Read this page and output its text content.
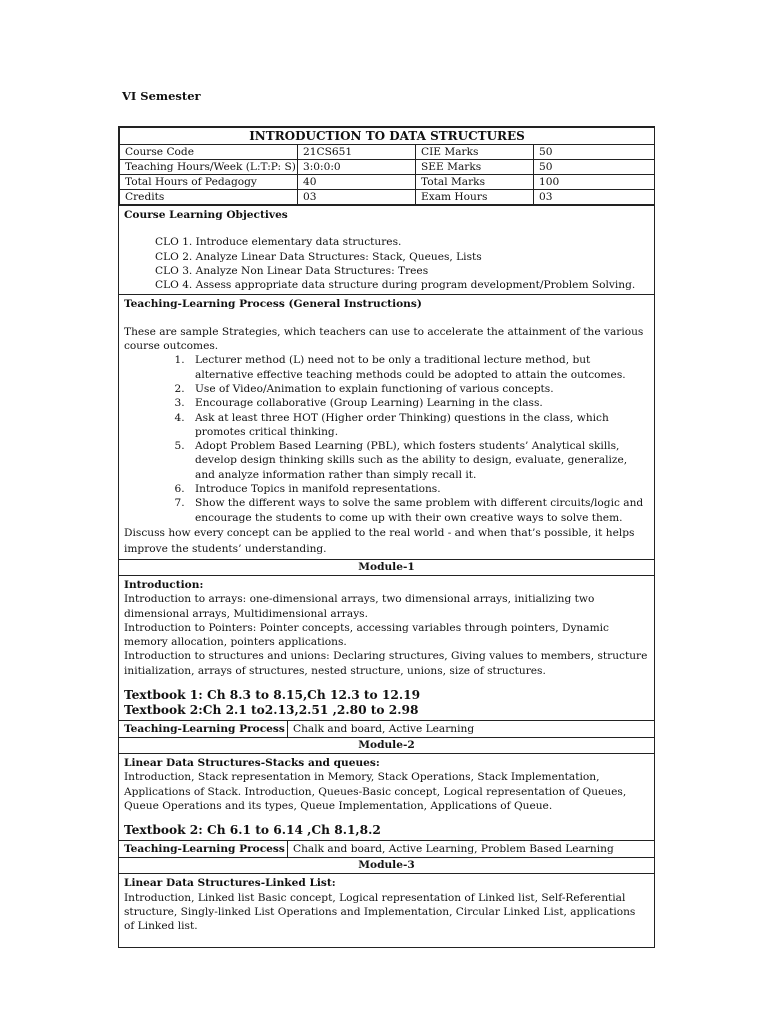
VI Semester
INTRODUCTION TO DATA STRUCTURES			
Course Code	21CS651	CIE Marks	50
Teaching Hours/Week (L:T:P: S)	3:0:0:0	SEE Marks	50
Total Hours of Pedagogy	40	Total Marks	100
Credits	03	Exam Hours	03
Course Learning Objectives
CLO 1. Introduce elementary data structures.
CLO 2. Analyze Linear Data Structures: Stack, Queues, Lists
CLO 3. Analyze Non Linear Data Structures: Trees
CLO 4. Assess appropriate data structure during program development/Problem Solving.
Teaching-Learning Process (General Instructions)
These are sample Strategies, which teachers can use to accelerate the attainment of the various course outcomes.
1. Lecturer method (L) need not to be only a traditional lecture method, but alternative effective teaching methods could be adopted to attain the outcomes.
2. Use of Video/Animation to explain functioning of various concepts.
3. Encourage collaborative (Group Learning) Learning in the class.
4. Ask at least three HOT (Higher order Thinking) questions in the class, which promotes critical thinking.
5. Adopt Problem Based Learning (PBL), which fosters students’ Analytical skills, develop design thinking skills such as the ability to design, evaluate, generalize, and analyze information rather than simply recall it.
6. Introduce Topics in manifold representations.
7. Show the different ways to solve the same problem with different circuits/logic and encourage the students to come up with their own creative ways to solve them.
Discuss how every concept can be applied to the real world - and when that’s possible, it helps improve the students’ understanding.
Module-1
Introduction:
Introduction to arrays: one-dimensional arrays, two dimensional arrays, initializing two dimensional arrays, Multidimensional arrays.
Introduction to Pointers: Pointer concepts, accessing variables through pointers, Dynamic memory allocation, pointers applications.
Introduction to structures and unions: Declaring structures, Giving values to members, structure initialization, arrays of structures, nested structure, unions, size of structures.
Textbook 1: Ch 8.3 to 8.15,Ch 12.3 to 12.19
Textbook 2:Ch 2.1 to2.13,2.51 ,2.80 to 2.98
Teaching-Learning Process Chalk and board, Active Learning
Module-2
Linear Data Structures-Stacks and queues:
Introduction, Stack representation in Memory, Stack Operations, Stack Implementation, Applications of Stack. Introduction, Queues-Basic concept, Logical representation of Queues, Queue Operations and its types, Queue Implementation, Applications of Queue.
Textbook 2: Ch 6.1 to 6.14 ,Ch 8.1,8.2
Teaching-Learning Process Chalk and board, Active Learning, Problem Based Learning
Module-3
Linear Data Structures-Linked List:
Introduction, Linked list Basic concept, Logical representation of Linked list, Self-Referential structure, Singly-linked List Operations and Implementation, Circular Linked List, applications of Linked list.
